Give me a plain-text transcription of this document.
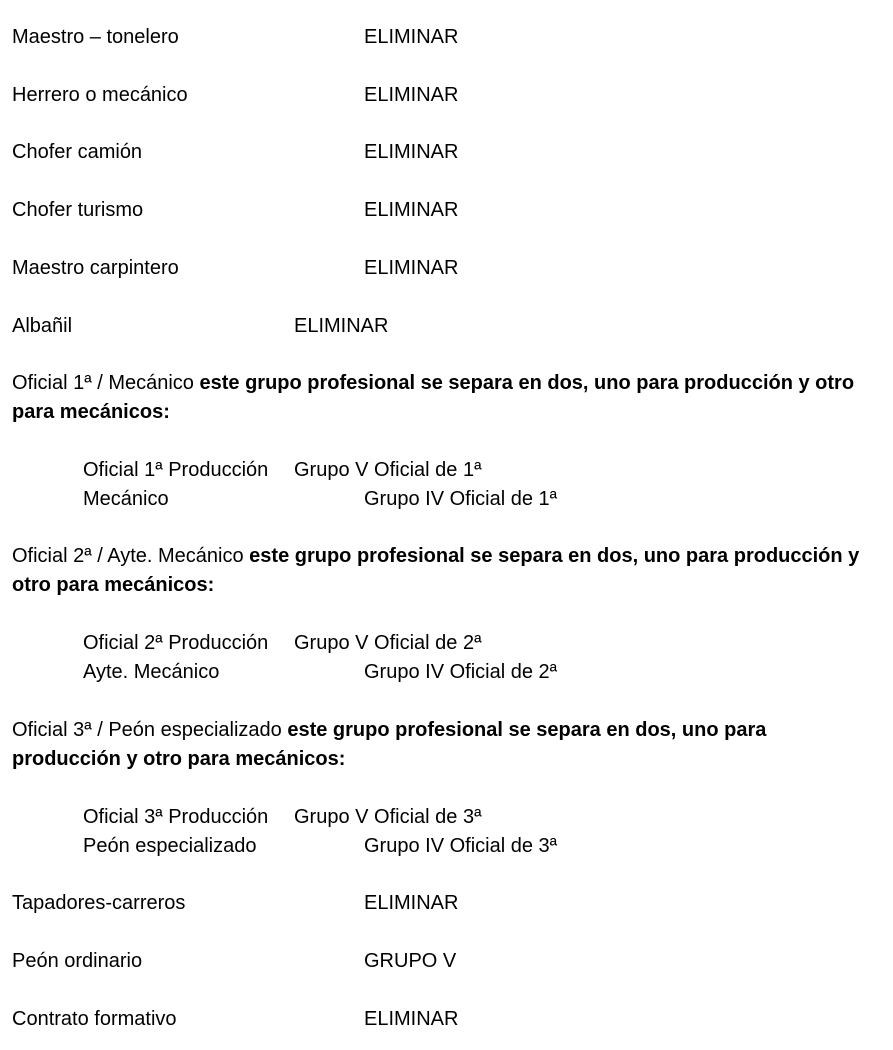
Maestro – tonelero	ELIMINAR
Herrero o mecánico	ELIMINAR
Chofer camión	ELIMINAR
Chofer turismo	ELIMINAR
Maestro carpintero	ELIMINAR
Albañil	ELIMINAR
Oficial 1ª / Mecánico este grupo profesional se separa en dos, uno para producción y otro para mecánicos:
Oficial 1ª Producción Grupo V Oficial de 1ª
Mecánico	Grupo IV Oficial de 1ª
Oficial 2ª / Ayte. Mecánico este grupo profesional se separa en dos, uno para producción y otro para mecánicos:
Oficial 2ª Producción Grupo V Oficial de 2ª
Ayte. Mecánico	Grupo IV Oficial de 2ª
Oficial 3ª / Peón especializado este grupo profesional se separa en dos, uno para producción y otro para mecánicos:
Oficial 3ª Producción Grupo V Oficial de 3ª
Peón especializado	Grupo IV Oficial de 3ª
Tapadores-carreros	ELIMINAR
Peón ordinario	GRUPO V
Contrato formativo	ELIMINAR
